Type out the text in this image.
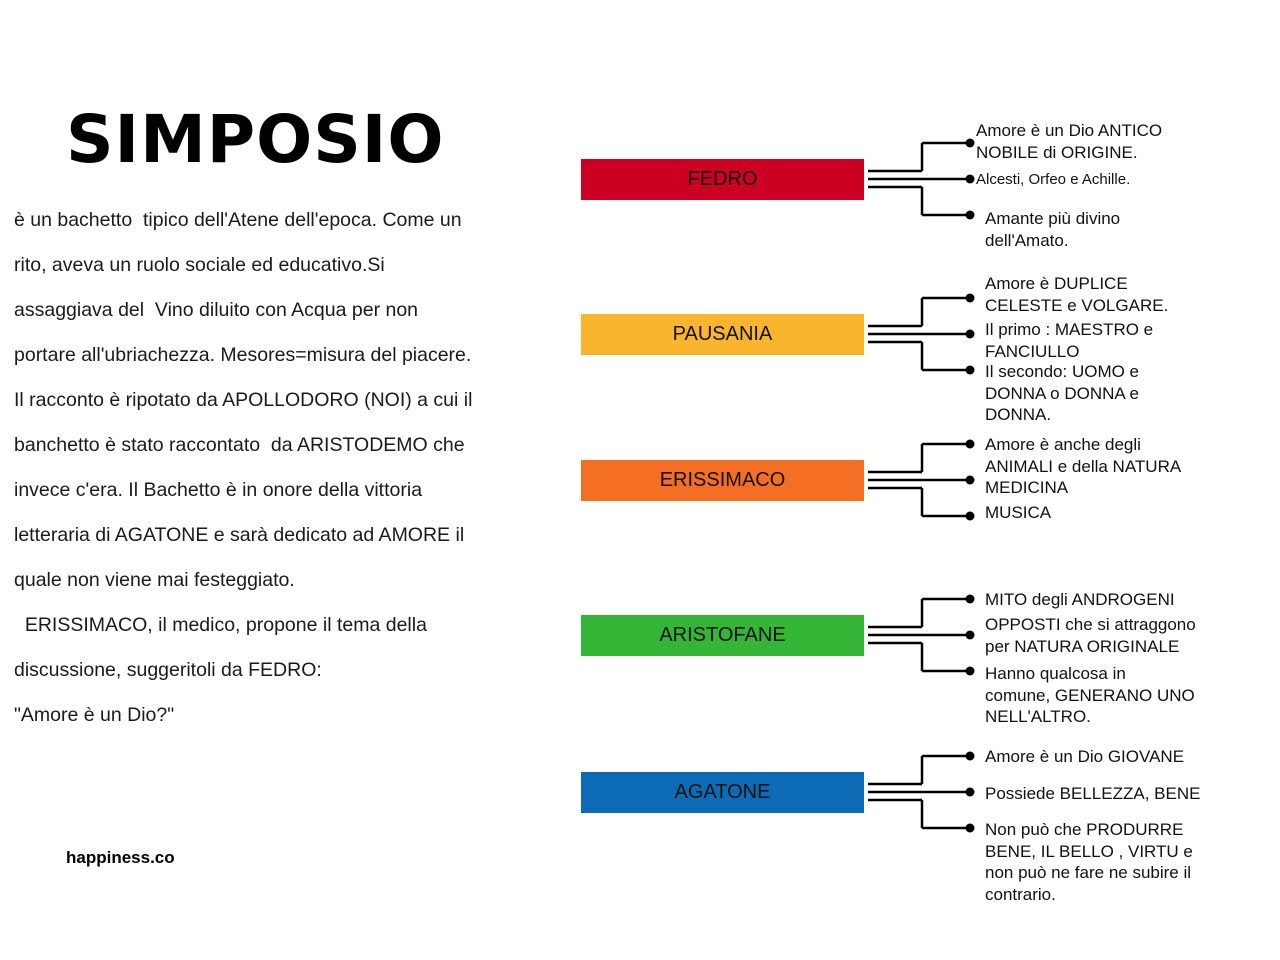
SIMPOSIO

è un bachetto  tipico dell'Atene dell'epoca. Come un rito, aveva un ruolo sociale ed educativo.Si assaggiava del  Vino diluito con Acqua per non portare all'ubriachezza. Mesores=misura del piacere. Il racconto è ripotato da APOLLODORO (NOI) a cui il banchetto è stato raccontato  da ARISTODEMO che invece c'era. Il Bachetto è in onore della vittoria letteraria di AGATONE e sarà dedicato ad AMORE il quale non viene mai festeggiato.
ERISSIMACO, il medico, propone il tema della discussione, suggeritoli da FEDRO:
"Amore è un Dio?"

happiness.co
FEDRO
PAUSANIA
ERISSIMACO
ARISTOFANE
AGATONE

Amore è un Dio ANTICO
NOBILE di ORIGINE.

Alcesti, Orfeo e Achille.

Amante più divino
dell'Amato.

Amore è DUPLICE
CELESTE e VOLGARE.

Il primo : MAESTRO e
FANCIULLO

Il secondo: UOMO e
DONNA o DONNA e
DONNA.

Amore è anche degli
ANIMALI e della NATURA

MEDICINA

MUSICA

MITO degli ANDROGENI

OPPOSTI che si attraggono
per NATURA ORIGINALE

Hanno qualcosa in
comune, GENERANO UNO
NELL'ALTRO.

Amore è un Dio GIOVANE

Possiede BELLEZZA, BENE

Non può che PRODURRE
BENE, IL BELLO , VIRTU e
non può ne fare ne subire il
contrario.
